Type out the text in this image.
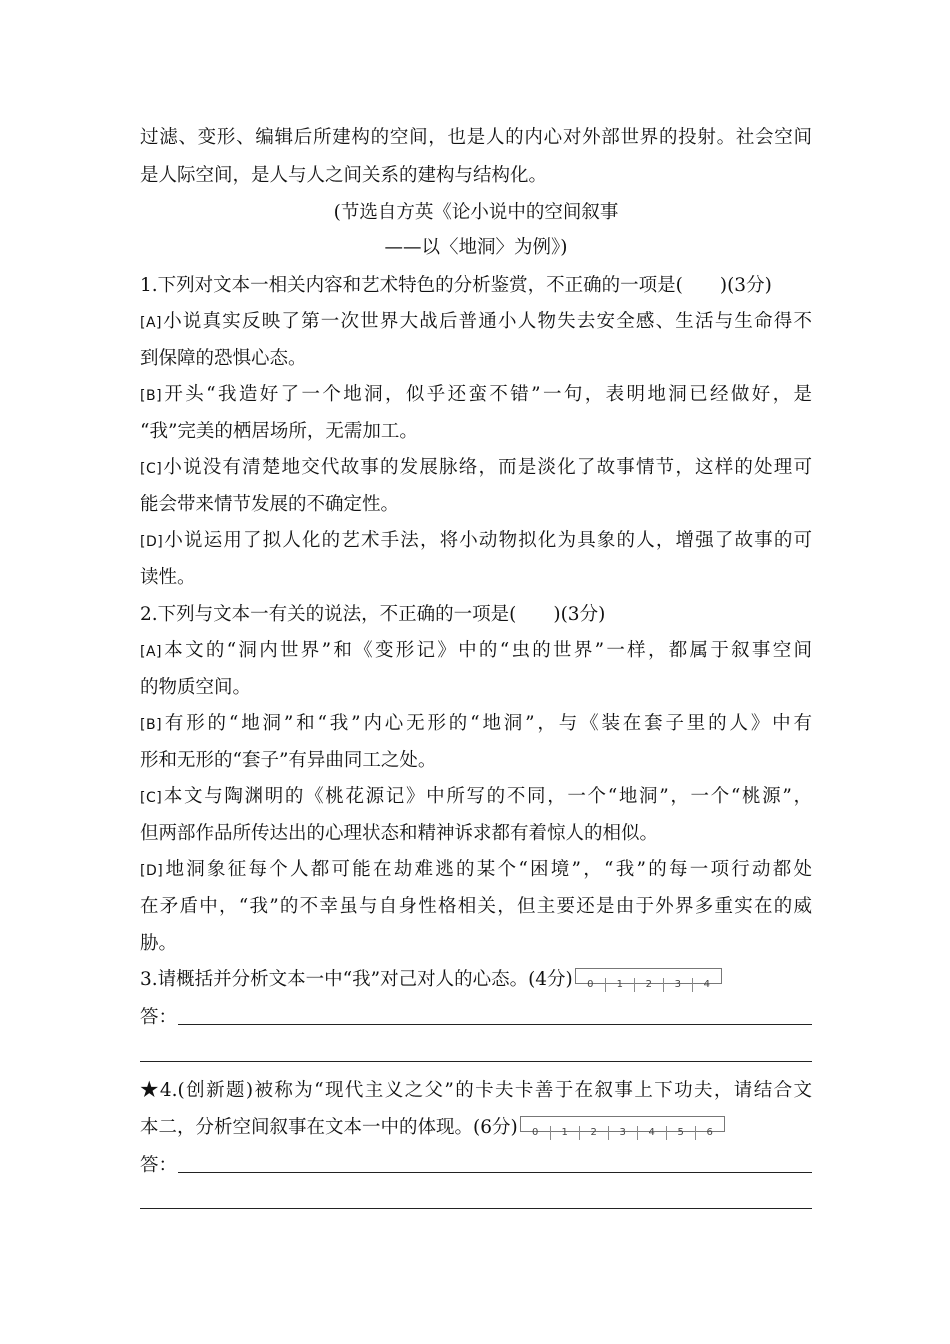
过滤、变形、编辑后所建构的空间，也是人的内心对外部世界的投射。社会空间
是人际空间，是人与人之间关系的建构与结构化。
(节选自方英《论小说中的空间叙事
——以〈地洞〉为例》)
1.下列对文本一相关内容和艺术特色的分析鉴赏，不正确的一项是(　　)(3分)
[A]小说真实反映了第一次世界大战后普通小人物失去安全感、生活与生命得不
到保障的恐惧心态。
[B]开头“我造好了一个地洞，似乎还蛮不错”一句，表明地洞已经做好，是
“我”完美的栖居场所，无需加工。
[C]小说没有清楚地交代故事的发展脉络，而是淡化了故事情节，这样的处理可
能会带来情节发展的不确定性。
[D]小说运用了拟人化的艺术手法，将小动物拟化为具象的人，增强了故事的可
读性。
2.下列与文本一有关的说法，不正确的一项是(　　)(3分)
[A]本文的“洞内世界”和《变形记》中的“虫的世界”一样，都属于叙事空间
的物质空间。
[B]有形的“地洞”和“我”内心无形的“地洞”，与《装在套子里的人》中有
形和无形的“套子”有异曲同工之处。
[C]本文与陶渊明的《桃花源记》中所写的不同，一个“地洞”，一个“桃源”，
但两部作品所传达出的心理状态和精神诉求都有着惊人的相似。
[D]地洞象征每个人都可能在劫难逃的某个“困境”，“我”的每一项行动都处
在矛盾中，“我”的不幸虽与自身性格相关，但主要还是由于外界多重实在的威
胁。
3.请概括并分析文本一中“我”对己对人的心态。(4分) 0 1 2 3 4
答：
★4.(创新题)被称为“现代主义之父”的卡夫卡善于在叙事上下功夫，请结合文
本二，分析空间叙事在文本一中的体现。(6分) 0 1 2 3 4 5 6
答：
